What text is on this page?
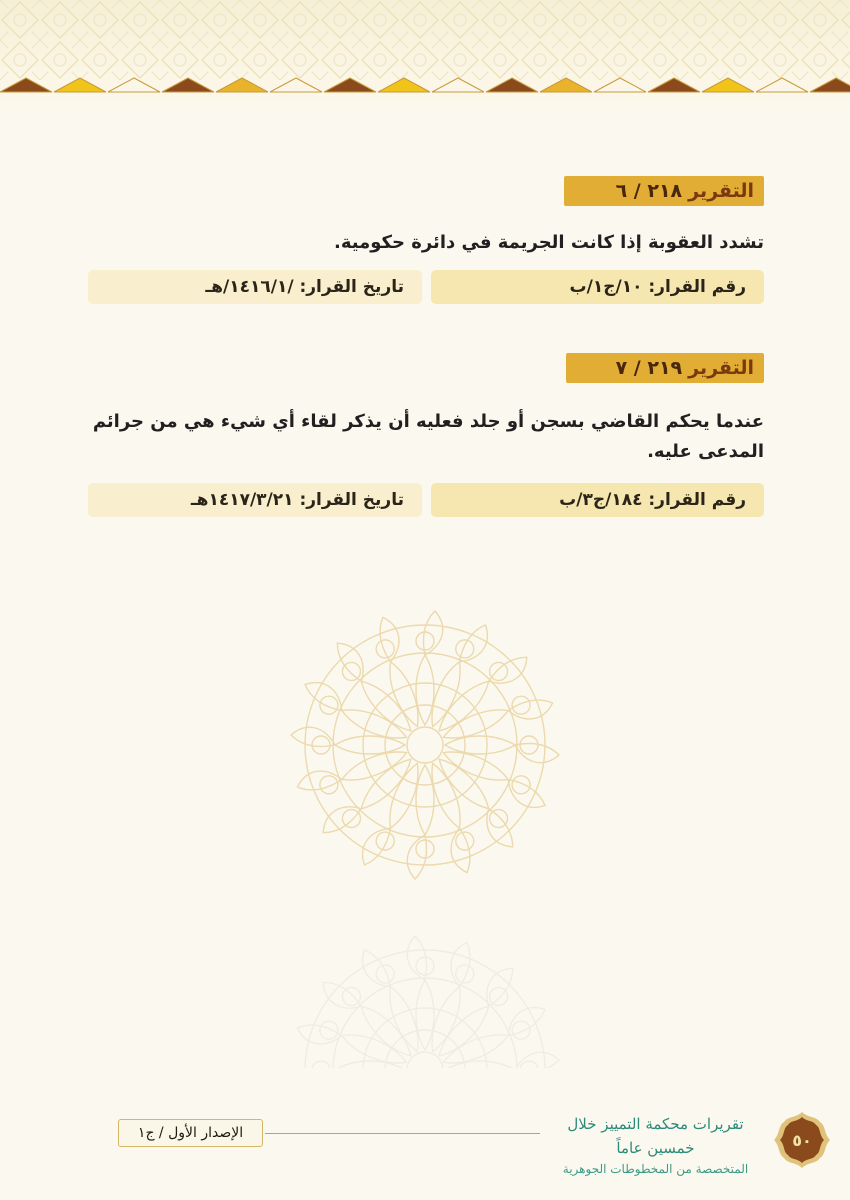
التقرير
٢١٨ / ٦
تشدد العقوبة إذا كانت الجريمة في دائرة حكومية.
رقم القرار: ١٠/ج١/ب
تاريخ القرار: /١٤١٦/١/هـ
التقرير
٢١٩ / ٧
عندما يحكم القاضي بسجن أو جلد فعليه أن يذكر لقاء أي شيء هي من جرائم المدعى عليه.
رقم القرار: ١٨٤/ج٣/ب
تاريخ القرار: ١٤١٧/٣/٢١هـ
الإصدار الأول / ج١	تقريرات محكمة التمييز خلال خمسين عاماً
المتخصصة من المخطوطات الجوهرية
٥٠
